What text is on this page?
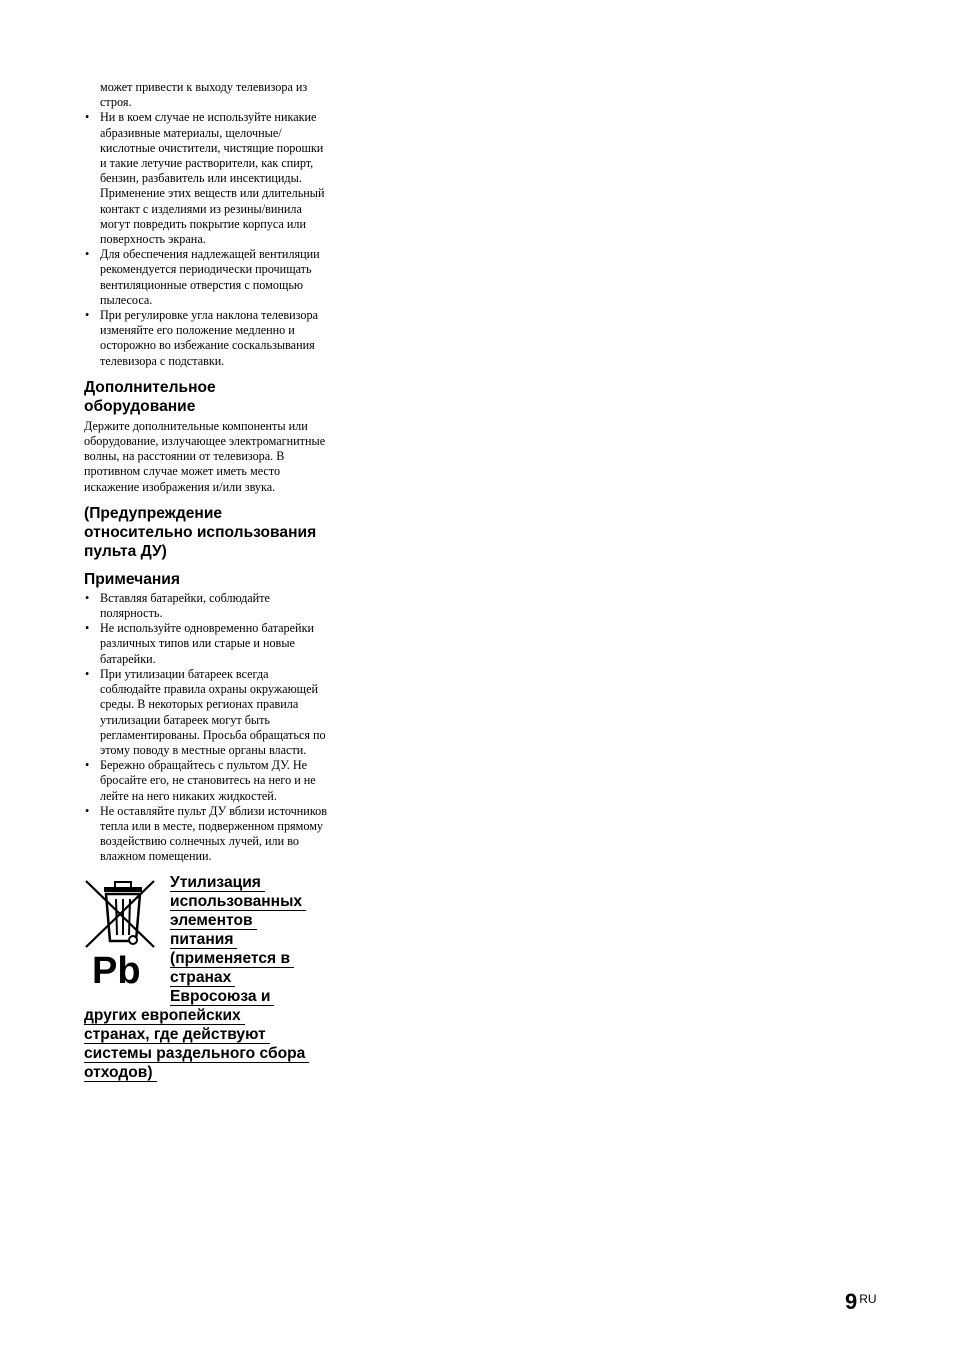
может привести к выходу телевизора из строя.

• Ни в коем случае не используйте никакие абразивные материалы, щелочные/кислотные очистители, чистящие порошки и такие летучие растворители, как спирт, бензин, разбавитель или инсектициды. Применение этих веществ или длительный контакт с изделиями из резины/винила могут повредить покрытие корпуса или поверхность экрана.
• Для обеспечения надлежащей вентиляции рекомендуется периодически прочищать вентиляционные отверстия с помощью пылесоса.
• При регулировке угла наклона телевизора изменяйте его положение медленно и осторожно во избежание соскальзывания телевизора с подставки.
Дополнительное оборудование

Держите дополнительные компоненты или оборудование, излучающее электромагнитные волны, на расстоянии от телевизора. В противном случае может иметь место искажение изображения и/или звука.

(Предупреждение относительно использования пульта ДУ)
Примечания
• Вставляя батарейки, соблюдайте полярность.
• Не используйте одновременно батарейки различных типов или старые и новые батарейки.
• При утилизации батареек всегда соблюдайте правила охраны окружающей среды. В некоторых регионах правила утилизации батареек могут быть регламентированы. Просьба обращаться по этому поводу в местные органы власти.
• Бережно обращайтесь с пультом ДУ. Не бросайте его, не становитесь на него и не лейте на него никаких жидкостей.
• Не оставляйте пульт ДУ вблизи источников тепла или в месте, подверженном прямому воздействию солнечных лучей, или во влажном помещении.
Pb
Утилизация
использованных
элементов
питания
(применяется в
странах
Евросоюза и
других европейских
странах, где действуют
системы раздельного сбора
отходов)
9 $^{RU}$
